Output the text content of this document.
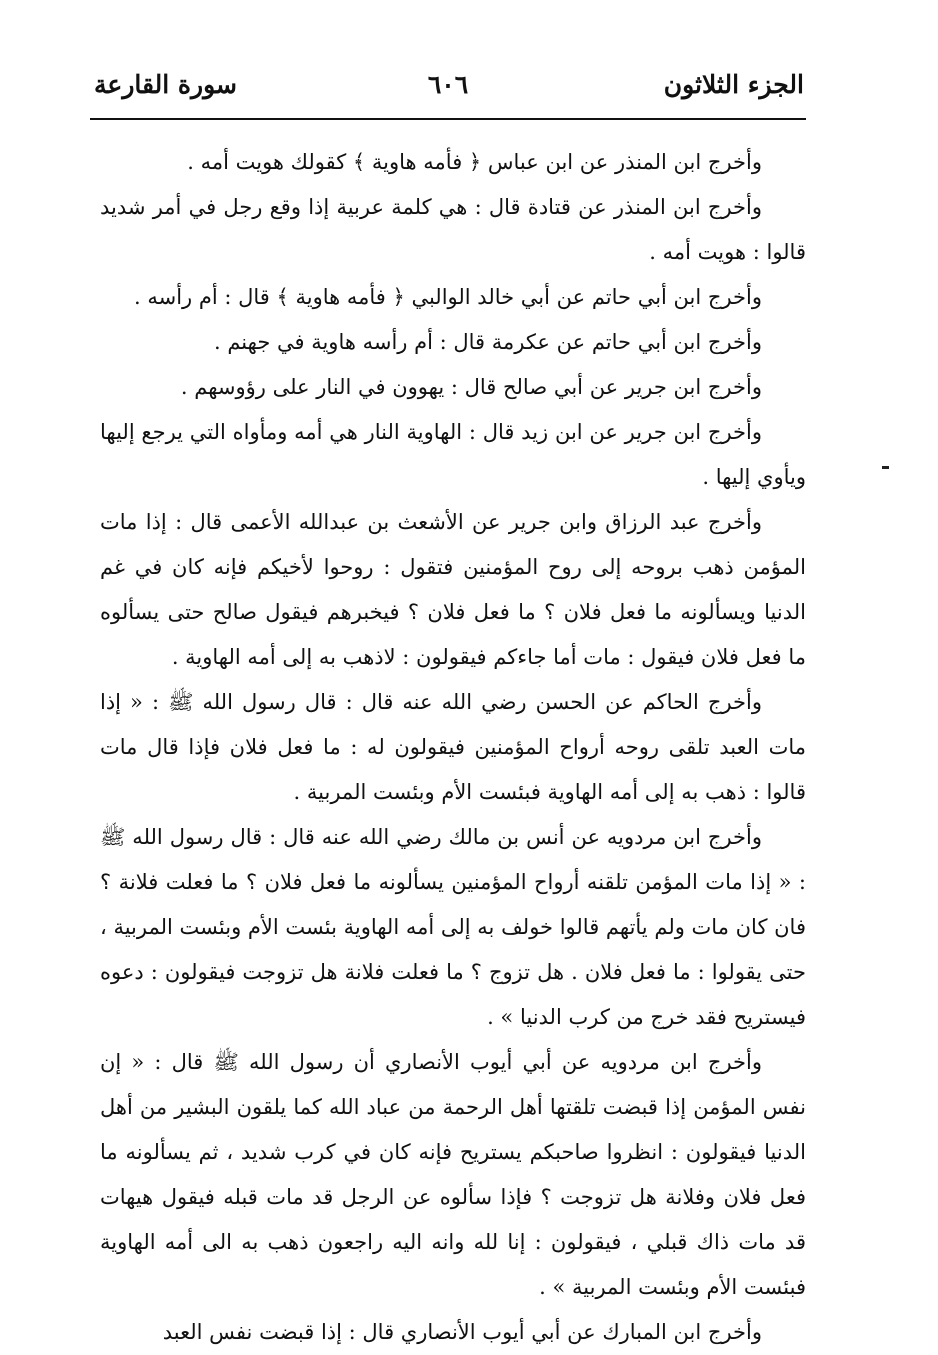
الجزء الثلاثون
٦٠٦
سورة القارعة

وأخرج ابن المنذر عن ابن عباس ﴿ فأمه هاوية ﴾ كقولك هويت أمه .

وأخرج ابن المنذر عن قتادة قال : هي كلمة عربية إذا وقع رجل في أمر شديد قالوا : هويت أمه .

وأخرج ابن أبي حاتم عن أبي خالد الوالبي ﴿ فأمه هاوية ﴾ قال : أم رأسه .

وأخرج ابن أبي حاتم عن عكرمة قال : أم رأسه هاوية في جهنم .

وأخرج ابن جرير عن أبي صالح قال : يهوون في النار على رؤوسهم .

وأخرج ابن جرير عن ابن زيد قال : الهاوية النار هي أمه ومأواه التي يرجع إليها ويأوي إليها .

وأخرج عبد الرزاق وابن جرير عن الأشعث بن عبدالله الأعمى قال : إذا مات المؤمن ذهب بروحه إلى روح المؤمنين فتقول : روحوا لأخيكم فإنه كان في غم الدنيا ويسألونه ما فعل فلان ؟ ما فعل فلان ؟ فيخبرهم فيقول صالح حتى يسألوه ما فعل فلان فيقول : مات أما جاءكم فيقولون : لاذهب به إلى أمه الهاوية .

وأخرج الحاكم عن الحسن رضي الله عنه قال : قال رسول الله ﷺ : « إذا مات العبد تلقى روحه أرواح المؤمنين فيقولون له : ما فعل فلان فإذا قال مات قالوا : ذهب به إلى أمه الهاوية فبئست الأم وبئست المربية .

وأخرج ابن مردويه عن أنس بن مالك رضي الله عنه قال : قال رسول الله ﷺ : « إذا مات المؤمن تلقنه أرواح المؤمنين يسألونه ما فعل فلان ؟ ما فعلت فلانة ؟ فان كان مات ولم يأتهم قالوا خولف به إلى أمه الهاوية بئست الأم وبئست المربية ، حتى يقولوا : ما فعل فلان . هل تزوج ؟ ما فعلت فلانة هل تزوجت فيقولون : دعوه فيستريح فقد خرج من كرب الدنيا » .

وأخرج ابن مردويه عن أبي أيوب الأنصاري أن رسول الله ﷺ قال : « إن نفس المؤمن إذا قبضت تلقتها أهل الرحمة من عباد الله كما يلقون البشير من أهل الدنيا فيقولون : انظروا صاحبكم يستريح فإنه كان في كرب شديد ، ثم يسألونه ما فعل فلان وفلانة هل تزوجت ؟ فإذا سألوه عن الرجل قد مات قبله فيقول هيهات قد مات ذاك قبلي ، فيقولون : إنا لله وانه اليه راجعون ذهب به الى أمه الهاوية فبئست الأم وبئست المربية » .

وأخرج ابن المبارك عن أبي أيوب الأنصاري قال : إذا قبضت نفس العبد
